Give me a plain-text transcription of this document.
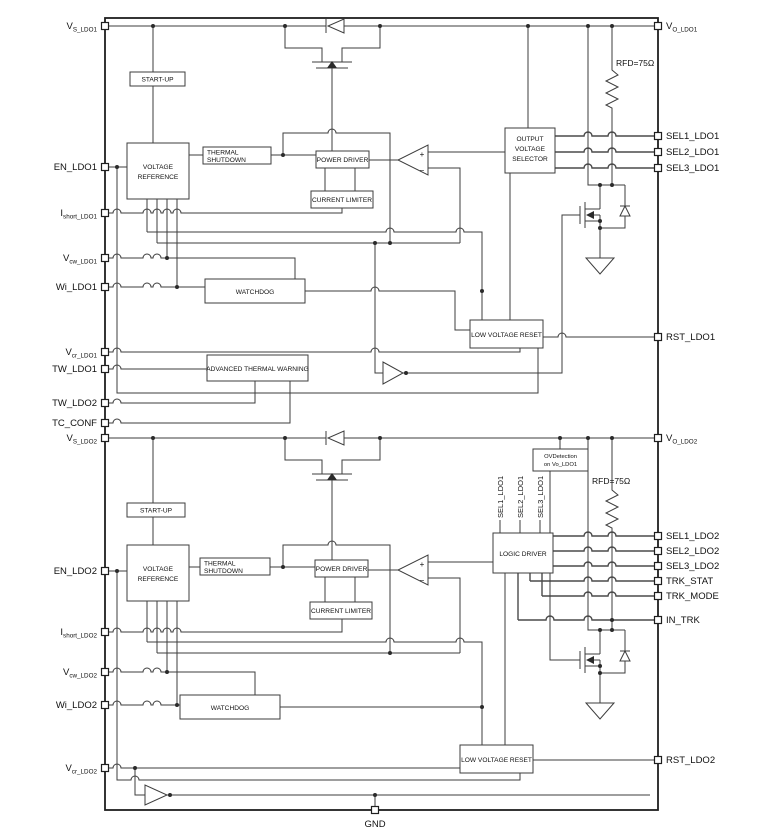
START-UP
VOLTAGE
REFERENCE
THERMAL
SHUTDOWN	POWER DRIVER
CURRENT LIMITER
OUTPUT
VOLTAGE
SELECTOR
WATCHDOG
LOW VOLTAGE RESET
ADVANCED THERMAL WARNING
START-UP
VOLTAGE
REFERENCE
THERMAL
SHUTDOWN	POWER DRIVER
CURRENT LIMITER
OVDetection
on Vo_LDO1
LOGIC DRIVER
WATCHDOG
LOW VOLTAGE RESET
RFD=75Ω
RFD=75Ω
+
−
+
−
SEL1_LDO1 SEL2_LDO1 SEL3_LDO1
$V_{S\_LDO1}$
EN_LDO1
$I_{short\_LDO1}$
$V_{cw\_LDO1}$
Wi_LDO1
$V_{cr\_LDO1}$
TW_LDO1
TW_LDO2
TC_CONF
$V_{S\_LDO2}$
EN_LDO2
$I_{short\_LDO2}$
$V_{cw\_LDO2}$
Wi_LDO2
$V_{cr\_LDO2}$
$V_{O\_LDO1}$
SEL1_LDO1
SEL2_LDO1
SEL3_LDO1
RST_LDO1
$V_{O\_LDO2}$
SEL1_LDO2
SEL2_LDO2
SEL3_LDO2
TRK_STAT
TRK_MODE
IN_TRK
RST_LDO2
GND
